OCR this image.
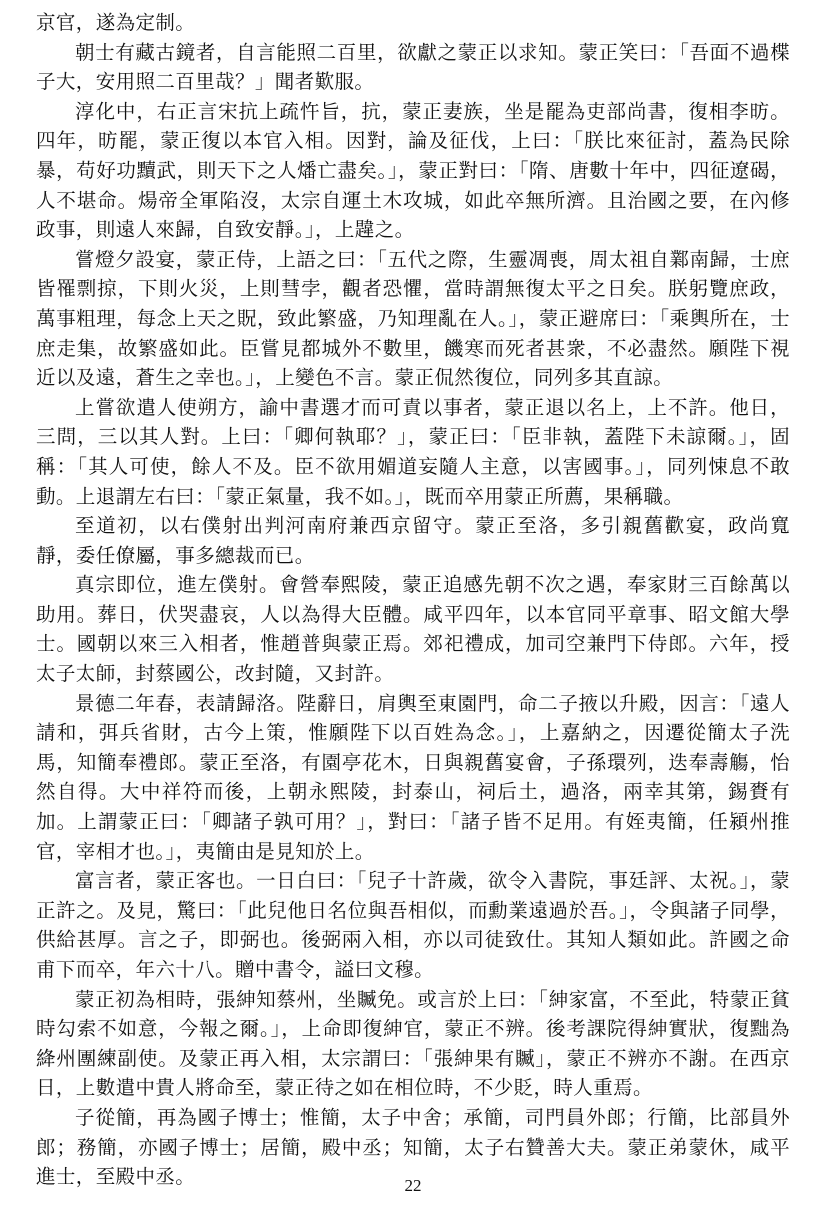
京官，遂為定制。

朝士有藏古鏡者，自言能照二百里，欲獻之蒙正以求知。蒙正笑曰：「吾面不過楪子大，安用照二百里哉？」聞者歎服。

淳化中，右正言宋抗上疏忤旨，抗，蒙正妻族，坐是罷為吏部尚書，復相李昉。四年，昉罷，蒙正復以本官入相。因對，論及征伐，上曰：「朕比來征討，蓋為民除暴，苟好功黷武，則天下之人燔亡盡矣。」，蒙正對曰：「隋、唐數十年中，四征遼碣，人不堪命。煬帝全軍陷沒，太宗自運土木攻城，如此卒無所濟。且治國之要，在內修政事，則遠人來歸，自致安靜。」，上韙之。

嘗燈夕設宴，蒙正侍，上語之曰：「五代之際，生靈凋喪，周太祖自鄴南歸，士庶皆罹剽掠，下則火災，上則彗孛，觀者恐懼，當時謂無復太平之日矣。朕躬覽庶政，萬事粗理，每念上天之貺，致此繁盛，乃知理亂在人。」，蒙正避席曰：「乘輿所在，士庶走集，故繁盛如此。臣嘗見都城外不數里，饑寒而死者甚衆，不必盡然。願陛下視近以及遠，蒼生之幸也。」，上變色不言。蒙正侃然復位，同列多其直諒。

上嘗欲遣人使朔方，諭中書選才而可責以事者，蒙正退以名上，上不許。他日，三問，三以其人對。上曰：「卿何執耶？」，蒙正曰：「臣非執，蓋陛下未諒爾。」，固稱：「其人可使，餘人不及。臣不欲用媚道妄隨人主意，以害國事。」，同列悚息不敢動。上退謂左右曰：「蒙正氣量，我不如。」，既而卒用蒙正所薦，果稱職。

至道初，以右僕射出判河南府兼西京留守。蒙正至洛，多引親舊歡宴，政尚寬靜，委任僚屬，事多總裁而已。

真宗即位，進左僕射。會營奉熙陵，蒙正追感先朝不次之遇，奉家財三百餘萬以助用。葬日，伏哭盡哀，人以為得大臣體。咸平四年，以本官同平章事、昭文館大學士。國朝以來三入相者，惟趙普與蒙正焉。郊祀禮成，加司空兼門下侍郎。六年，授太子太師，封蔡國公，改封隨，又封許。

景德二年春，表請歸洛。陛辭日，肩輿至東園門，命二子掖以升殿，因言：「遠人請和，弭兵省財，古今上策，惟願陛下以百姓為念。」，上嘉納之，因遷從簡太子洗馬，知簡奉禮郎。蒙正至洛，有園亭花木，日與親舊宴會，子孫環列，迭奉壽觴，怡然自得。大中祥符而後，上朝永熙陵，封泰山，祠后土，過洛，兩幸其第，錫賚有加。上謂蒙正曰：「卿諸子孰可用？」，對曰：「諸子皆不足用。有姪夷簡，任潁州推官，宰相才也。」，夷簡由是見知於上。

富言者，蒙正客也。一日白曰：「兒子十許歲，欲令入書院，事廷評、太祝。」，蒙正許之。及見，驚曰：「此兒他日名位與吾相似，而勳業遠過於吾。」，令與諸子同學，供給甚厚。言之子，即弼也。後弼兩入相，亦以司徒致仕。其知人類如此。許國之命甫下而卒，年六十八。贈中書令，謚曰文穆。

蒙正初為相時，張紳知蔡州，坐贓免。或言於上曰：「紳家富，不至此，特蒙正貧時勾索不如意，今報之爾。」，上命即復紳官，蒙正不辨。後考課院得紳實狀，復黜為絳州團練副使。及蒙正再入相，太宗謂曰：「張紳果有贓」，蒙正不辨亦不謝。在西京日，上數遣中貴人將命至，蒙正待之如在相位時，不少貶，時人重焉。

子從簡，再為國子博士；惟簡，太子中舍；承簡，司門員外郎；行簡，比部員外郎；務簡，亦國子博士；居簡，殿中丞；知簡，太子右贊善大夫。蒙正弟蒙休，咸平進士，至殿中丞。	22
